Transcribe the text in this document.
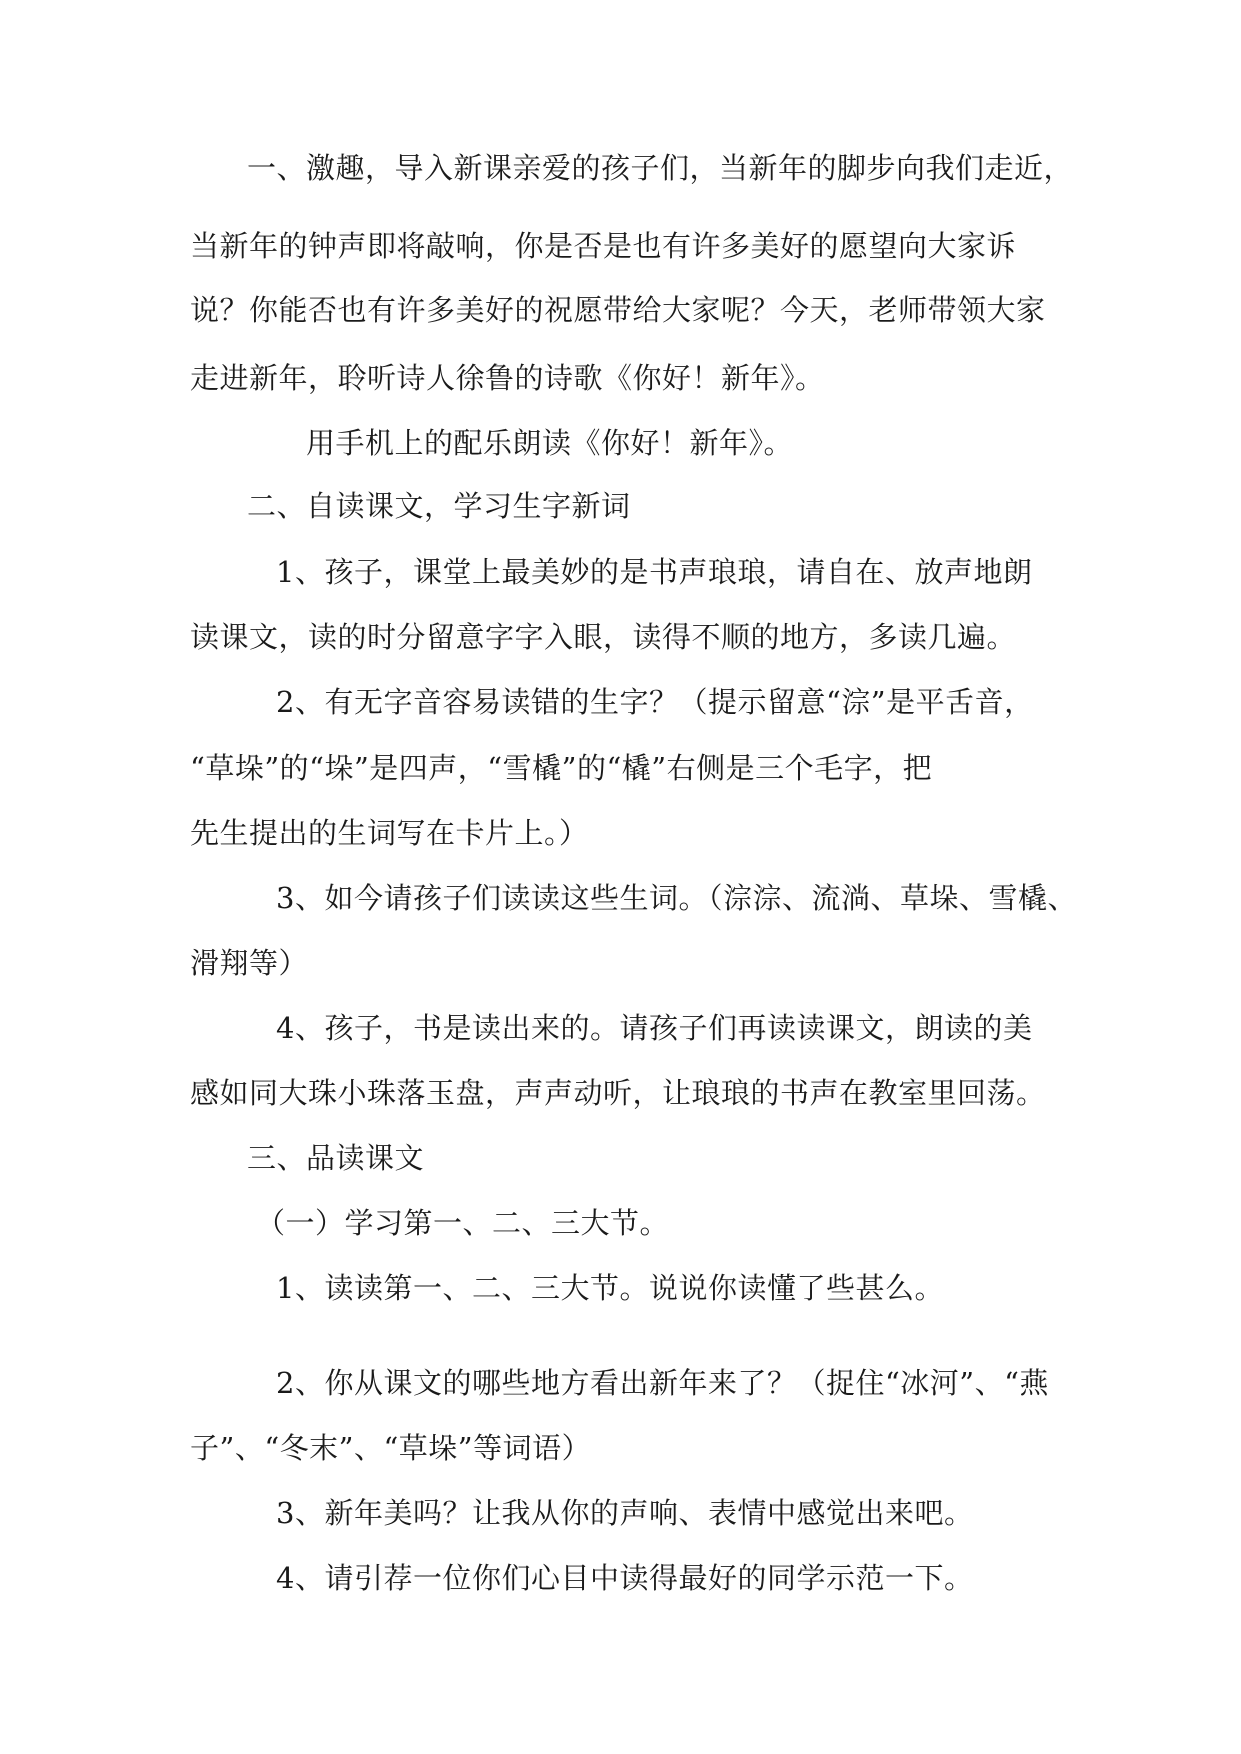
一、激趣，导入新课亲爱的孩子们，当新年的脚步向我们走近，
当新年的钟声即将敲响，你是否是也有许多美好的愿望向大家诉
说？你能否也有许多美好的祝愿带给大家呢？今天，老师带领大家
走进新年，聆听诗人徐鲁的诗歌《你好！新年》。
用手机上的配乐朗读《你好！新年》。
二、自读课文，学习生字新词
1、孩子，课堂上最美妙的是书声琅琅，请自在、放声地朗
读课文，读的时分留意字字入眼，读得不顺的地方，多读几遍。
2、有无字音容易读错的生字？（提示留意“淙”是平舌音，
“草垛”的“垛”是四声，“雪橇”的“橇”右侧是三个毛字，把
先生提出的生词写在卡片上。）
3、如今请孩子们读读这些生词。（淙淙、流淌、草垛、雪橇、
滑翔等）
4、孩子，书是读出来的。请孩子们再读读课文，朗读的美
感如同大珠小珠落玉盘，声声动听，让琅琅的书声在教室里回荡。
三、品读课文
（一）学习第一、二、三大节。
1、读读第一、二、三大节。说说你读懂了些甚么。
2、你从课文的哪些地方看出新年来了？（捉住“冰河”、“燕
子”、“冬末”、“草垛”等词语）
3、新年美吗？让我从你的声响、表情中感觉出来吧。
4、请引荐一位你们心目中读得最好的同学示范一下。
